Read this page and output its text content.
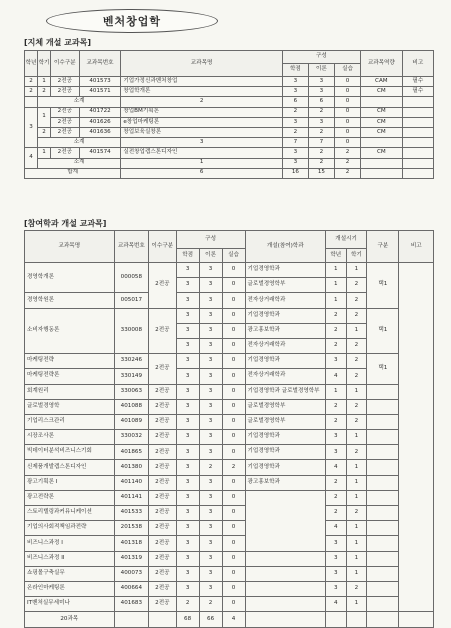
벤처창업학
[지체 개설 교과목]
학년	학기	이수구분	교과목번호	교과목명	구성			교과목역량	비고
					학점	이론	실습		
2	1	2전공	401573	기업가정신과벤처창업	3	3	0	CAM	필수
2	2	2전공	401571	창업학개론	3	3	0	CM	필수
	소계			2	6	6	0		
3	1	2전공	401722	창업BM기획론	2	2	0	CM	
		2전공	401626	e창업마케팅론	3	3	0	CM	
	2	2전공	401636	창업보육실창론	2	2	0	CM	
	소계			3	7	7	0		
4	1	2전공	401574	실전창업캡스톤디자인	3	2	2	CM	
	소계			1	3	2	2		
합계				6	16	15	2		
[참여학과 개설 교과목]
교과목명	교과목번호	이수구분	구성			개설(참여)학과	개설시기		구분	비고
			학점	이론	실습		학년	학기		
경영학개론	000058	2전공	3	3	0	기업경영학과	1	1	택1	
			3	3	0	글로벌경영학부	1	2		
경영학원론	005017		3	3	0	전자상거래학과	1	2		
소비자행동론	330008	2전공	3	3	0	기업경영학과	2	2	택1	
			3	3	0	광고홍보학과	2	1		
			3	3	0	전자상거래학과	2	2		
마케팅전략	330246	2전공	3	3	0	기업경영학과	3	2	택1	
마케팅전략론	330149		3	3	0	전자상거래학과	4	2		
회계원리	330063	2전공	3	3	0	기업경영학과 글로벌경영학부	1	1		
글로벌경영학	401088	2전공	3	3	0	글로벌경영학부	2	2		
기업리스크관리	401089	2전공	3	3	0	글로벌경영학부	2	2		
시장조사론	330032	2전공	3	3	0	기업경영학과	3	1		
빅데이터분석비즈니스기회	401865	2전공	3	3	0	기업경영학과	3	2		
신제품개발캡스톤디자인	401380	2전공	3	2	2	기업경영학과	4	1		
광고기획론 I	401140	2전공	3	3	0	광고홍보학과	2	1		
광고전략론	401141	2전공	3	3	0		2	1		
스토리텔링과커뮤니케이션	401533	2전공	3	3	0		2	2		
기업의사회적책임과전략	201538	2전공	3	3	0		4	1		
비즈니스과정 I	401318	2전공	3	3	0		3	1		
비즈니스과정 II	401319	2전공	3	3	0		3	1		
쇼핑몰구축실무	400073	2전공	3	3	0		3	1		
온라인마케팅론	400664	2전공	3	3	0		3	2		
IT벤처실무세미나	401683	2전공	2	2	0		4	1		
20과목			68	66	4					
